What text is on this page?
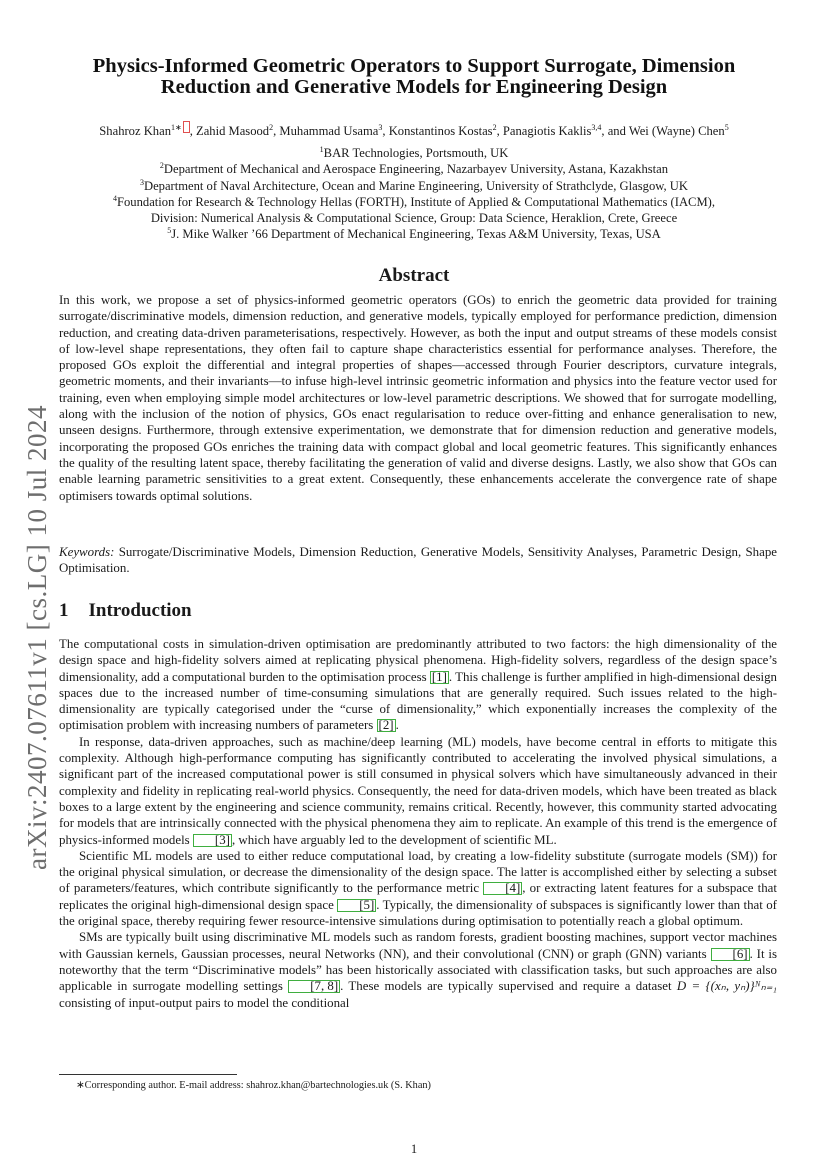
arXiv:2407.07611v1 [cs.LG] 10 Jul 2024
Physics-Informed Geometric Operators to Support Surrogate, Dimension Reduction and Generative Models for Engineering Design
Shahroz Khan$^{1∗}$ , Zahid Masood$^2$, Muhammad Usama$^3$, Konstantinos Kostas$^2$, Panagiotis Kaklis$^{3,4}$, and Wei (Wayne) Chen$^5$
$^1$BAR Technologies, Portsmouth, UK
$^2$Department of Mechanical and Aerospace Engineering, Nazarbayev University, Astana, Kazakhstan
$^3$Department of Naval Architecture, Ocean and Marine Engineering, University of Strathclyde, Glasgow, UK
$^4$Foundation for Research & Technology Hellas (FORTH), Institute of Applied & Computational Mathematics (IACM),
Division: Numerical Analysis & Computational Science, Group: Data Science, Heraklion, Crete, Greece
$^5$J. Mike Walker ’66 Department of Mechanical Engineering, Texas A&M University, Texas, USA
Abstract
In this work, we propose a set of physics-informed geometric operators (GOs) to enrich the geometric data provided for training surrogate/discriminative models, dimension reduction, and generative models, typically employed for performance prediction, dimension reduction, and creating data-driven parameterisations, respectively. However, as both the input and output streams of these models consist of low-level shape representations, they often fail to capture shape characteristics essential for performance analyses. Therefore, the proposed GOs exploit the differential and integral properties of shapes—accessed through Fourier descriptors, curvature integrals, geometric moments, and their invariants—to infuse high-level intrinsic geometric information and physics into the feature vector used for training, even when employing simple model architectures or low-level parametric descriptions. We showed that for surrogate modelling, along with the inclusion of the notion of physics, GOs enact regularisation to reduce over-fitting and enhance generalisation to new, unseen designs. Furthermore, through extensive experimentation, we demonstrate that for dimension reduction and generative models, incorporating the proposed GOs enriches the training data with compact global and local geometric features. This significantly enhances the quality of the resulting latent space, thereby facilitating the generation of valid and diverse designs. Lastly, we also show that GOs can enable learning parametric sensitivities to a great extent. Consequently, these enhancements accelerate the convergence rate of shape optimisers towards optimal solutions.
Keywords: Surrogate/Discriminative Models, Dimension Reduction, Generative Models, Sensitivity Analyses, Parametric Design, Shape Optimisation.
1 Introduction

The computational costs in simulation-driven optimisation are predominantly attributed to two factors: the high dimensionality of the design space and high-fidelity solvers aimed at replicating physical phenomena. High-fidelity solvers, regardless of the design space’s dimensionality, add a computational burden to the optimisation process [1] . This challenge is further amplified in high-dimensional design spaces due to the increased number of time-consuming simulations that are generally required. Such issues related to the high-dimensionality are typically categorised under the “curse of dimensionality,” which exponentially increases the complexity of the optimisation problem with increasing numbers of parameters [2] .

In response, data-driven approaches, such as machine/deep learning (ML) models, have become central in efforts to mitigate this complexity. Although high-performance computing has significantly contributed to accelerating the involved physical simulations, a significant part of the increased computational power is still consumed in physical solvers which have simultaneously advanced in their complexity and fidelity in replicating real-world physics. Consequently, the need for data-driven models, which have been treated as black boxes to a large extent by the engineering and science community, remains critical. Recently, however, this community started advocating for models that are intrinsically connected with the physical phenomena they aim to replicate. An example of this trend is the emergence of physics-informed models [3] , which have arguably led to the development of scientific ML.

Scientific ML models are used to either reduce computational load, by creating a low-fidelity substitute (surrogate models (SM)) for the original physical simulation, or decrease the dimensionality of the design space. The latter is accomplished either by selecting a subset of parameters/features, which contribute significantly to the performance metric [4] , or extracting latent features for a subspace that replicates the original high-dimensional design space [5] . Typically, the dimensionality of subspaces is significantly lower than that of the original space, thereby requiring fewer resource-intensive simulations during optimisation to potentially reach a global optimum.

SMs are typically built using discriminative ML models such as random forests, gradient boosting machines, support vector machines with Gaussian kernels, Gaussian processes, neural Networks (NN), and their convolutional (CNN) or graph (GNN) variants [6] . It is noteworthy that the term “Discriminative models” has been historically associated with classification tasks, but such approaches are also applicable in surrogate modelling settings [7, 8] . These models are typically supervised and require a dataset D = {(xₙ, yₙ)}ᴺₙ₌₁ consisting of input-output pairs to model the conditional

∗Corresponding author. E-mail address: shahroz.khan@bartechnologies.uk (S. Khan)
1
